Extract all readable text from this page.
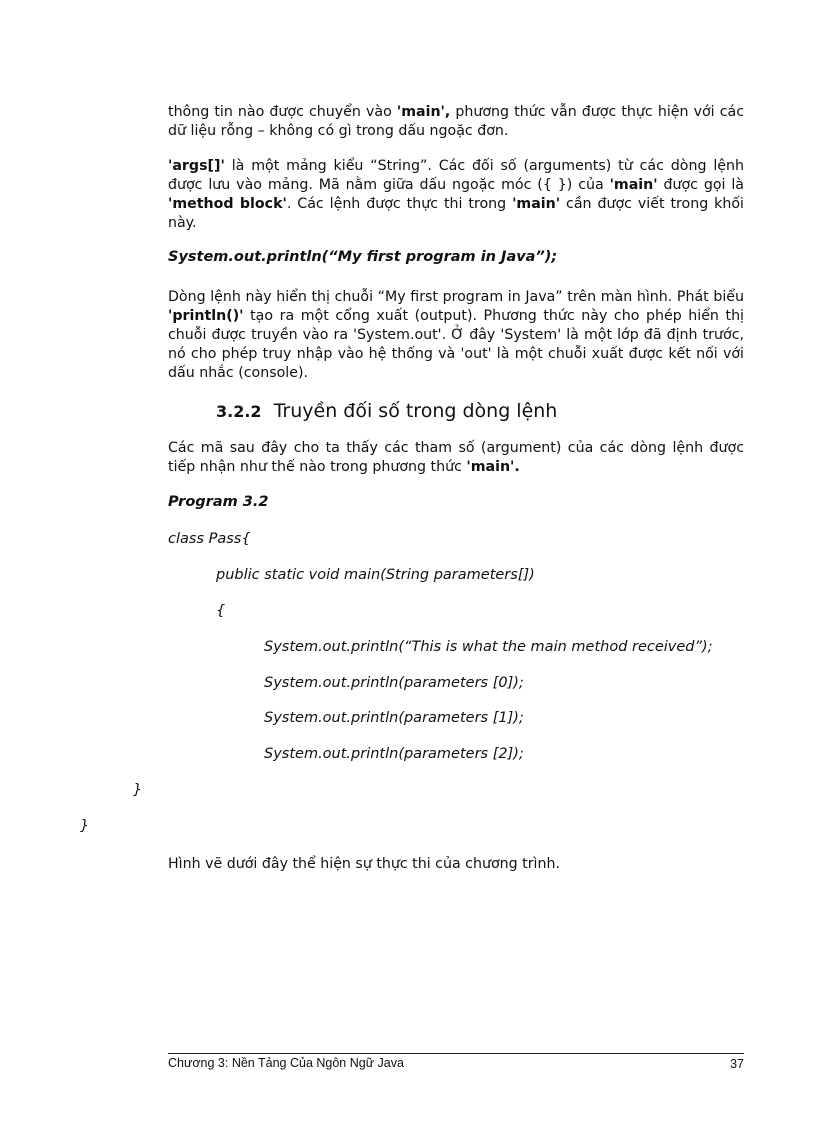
thông tin nào được chuyển vào 'main', phương thức vẫn được thực hiện với các dữ liệu rỗng – không có gì trong dấu ngoặc đơn.
'args[]' là một mảng kiểu “String”. Các đối số (arguments) từ các dòng lệnh được lưu vào mảng. Mã nằm giữa dấu ngoặc móc ({ }) của 'main' được gọi là 'method block'. Các lệnh được thực thi trong 'main' cần được viết trong khối này.
System.out.println(“My first program in Java”);
Dòng lệnh này hiển thị chuỗi “My first program in Java” trên màn hình. Phát biểu 'println()' tạo ra một cổng xuất (output). Phương thức này cho phép hiển thị chuỗi được truyền vào ra 'System.out'. Ở đây 'System' là một lớp đã định trước, nó cho phép truy nhập vào hệ thống và 'out' là một chuỗi xuất được kết nối với dấu nhắc (console).
3.2.2 Truyền đối số trong dòng lệnh
Các mã sau đây cho ta thấy các tham số (argument) của các dòng lệnh được tiếp nhận như thế nào trong phương thức 'main'.
Program 3.2
class Pass{
public static void main(String parameters[])
{
System.out.println(“This is what the main method received”);
System.out.println(parameters [0]);
System.out.println(parameters [1]);
System.out.println(parameters [2]);
}
}
Hình vẽ dưới đây thể hiện sự thực thi của chương trình.
Chương 3: Nền Tảng Của Ngôn Ngữ Java	37
